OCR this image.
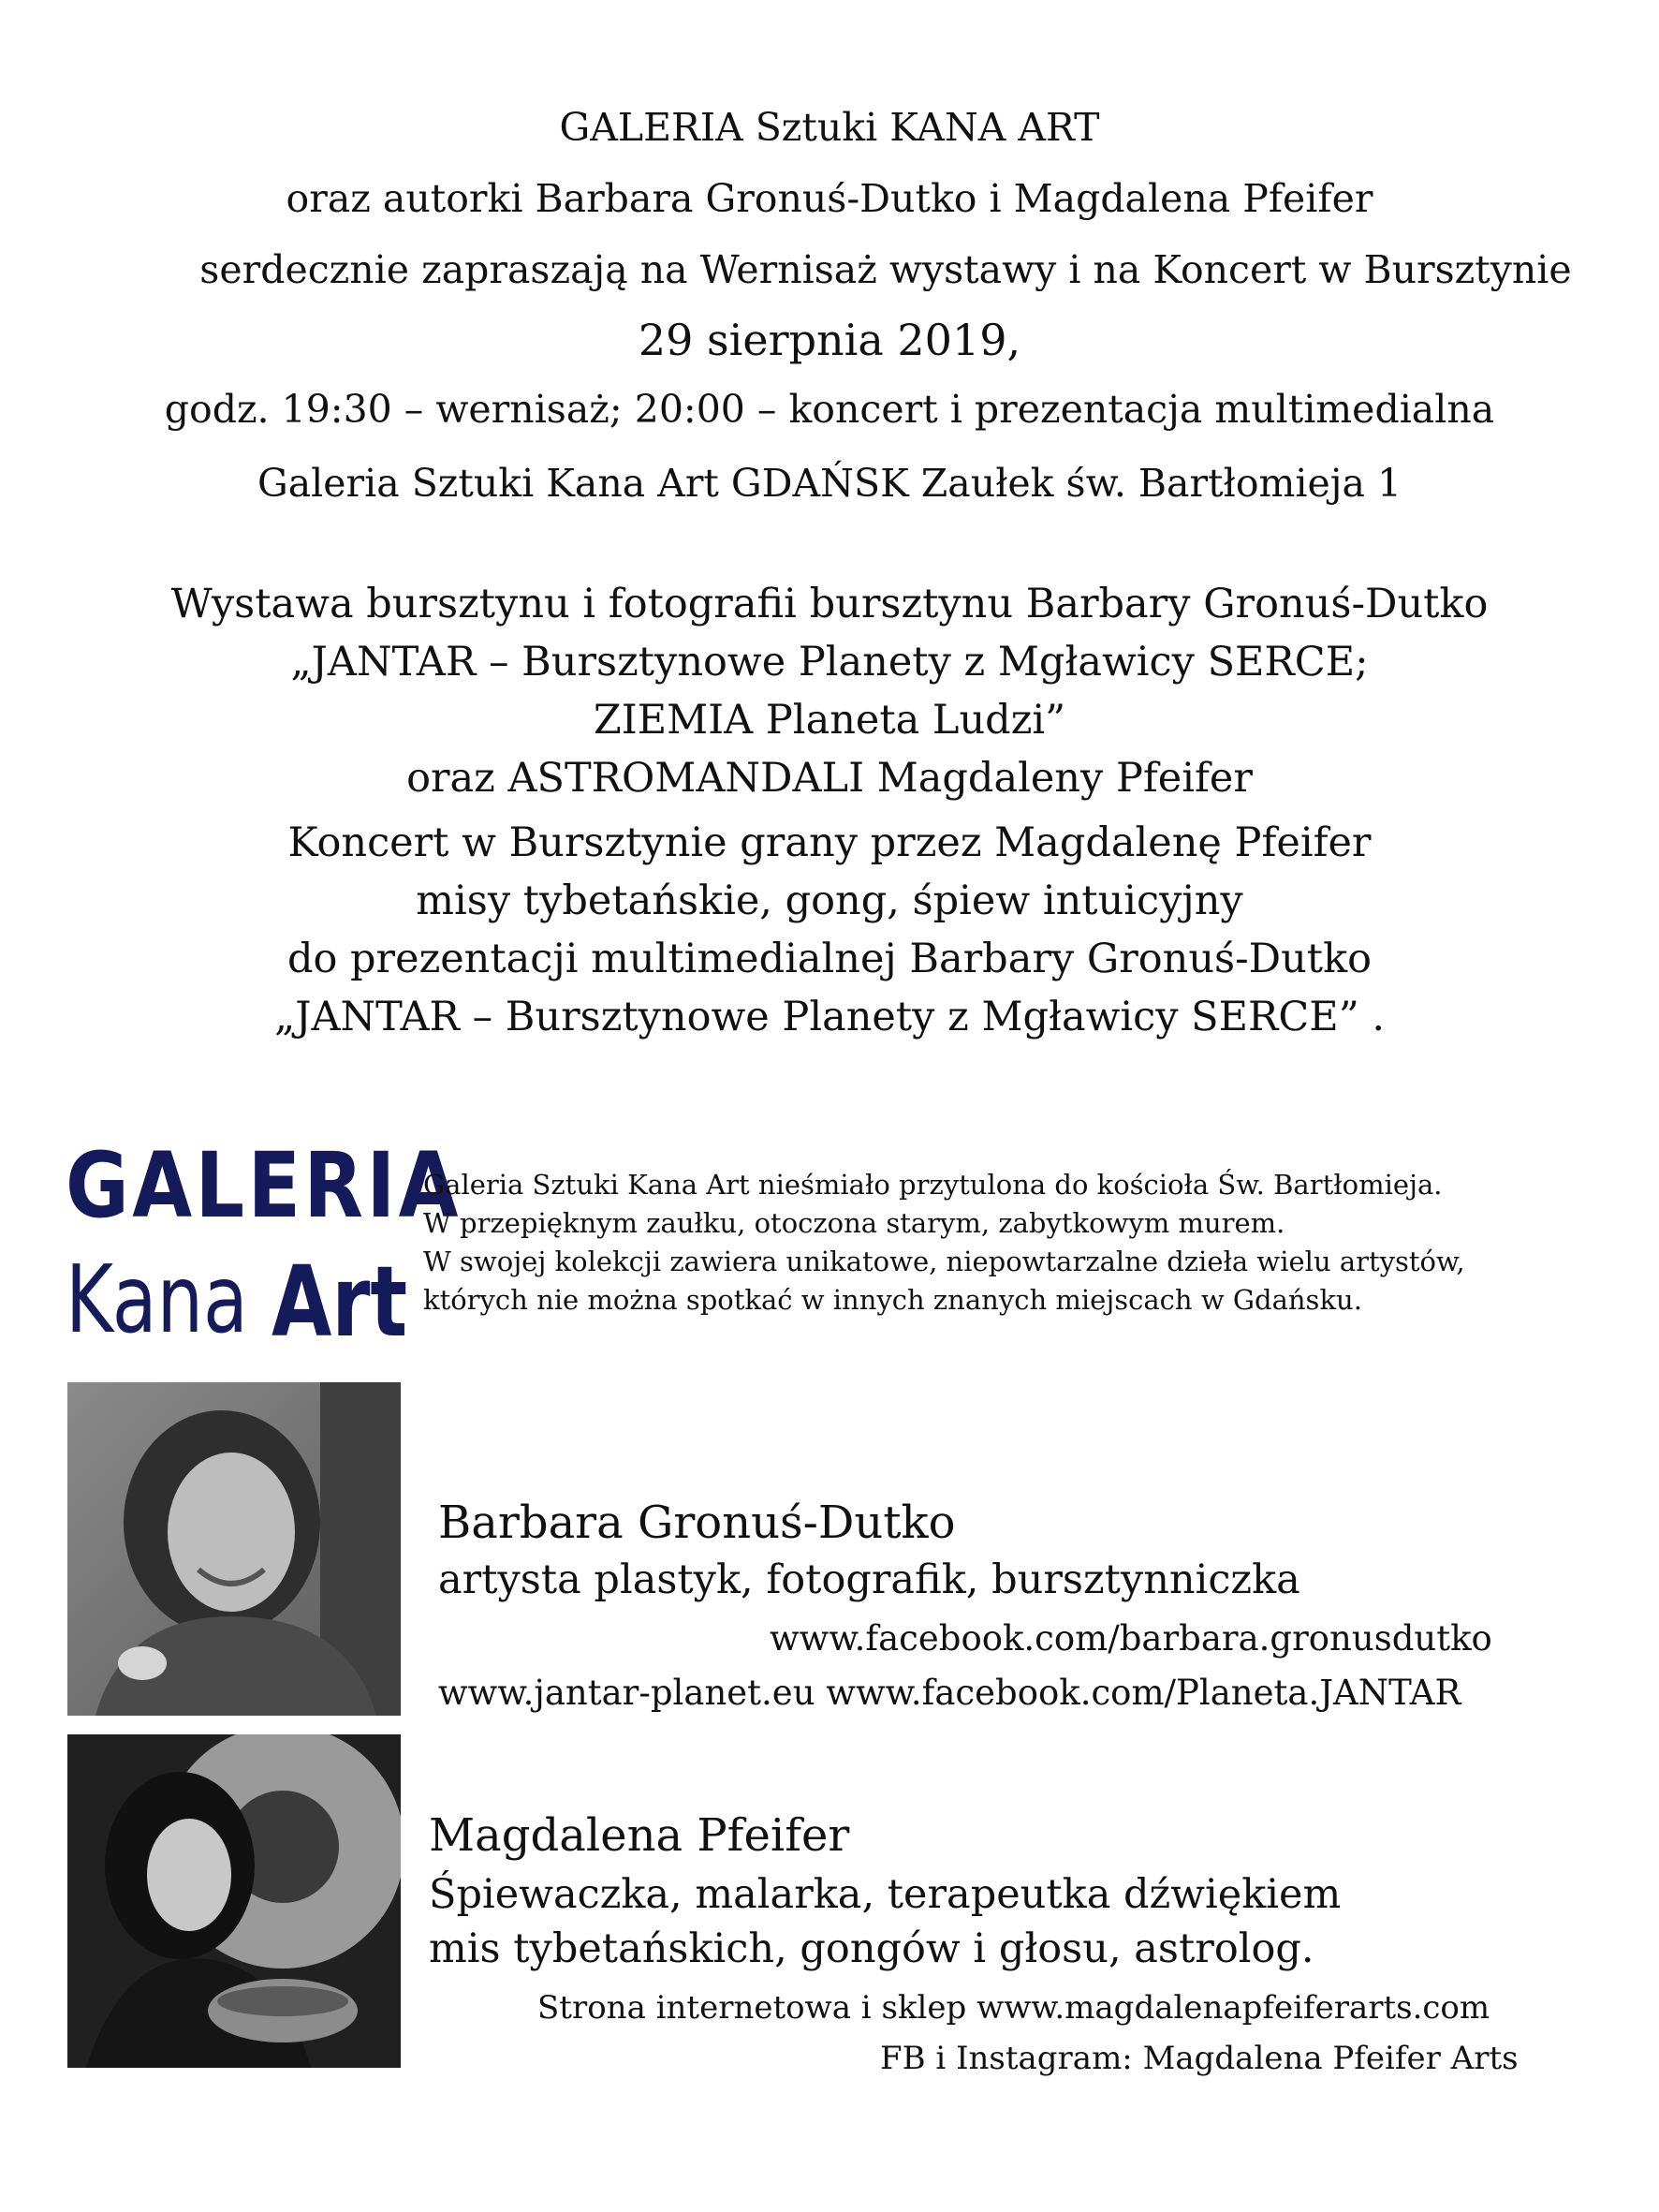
GALERIA Sztuki KANA ART
oraz autorki Barbara Gronuś-Dutko i Magdalena Pfeifer
serdecznie zapraszają na Wernisaż wystawy i na Koncert w Bursztynie
29 sierpnia 2019,
godz. 19:30 – wernisaż; 20:00 – koncert i prezentacja multimedialna
Galeria Sztuki Kana Art GDAŃSK Zaułek św. Bartłomieja 1
Wystawa bursztynu i fotografii bursztynu Barbary Gronuś-Dutko
„JANTAR – Bursztynowe Planety z Mgławicy SERCE;
ZIEMIA Planeta Ludzi”
oraz ASTROMANDALI Magdaleny Pfeifer
Koncert w Bursztynie grany przez Magdalenę Pfeifer
misy tybetańskie, gong, śpiew intuicyjny
do prezentacji multimedialnej Barbary Gronuś-Dutko
„JANTAR – Bursztynowe Planety z Mgławicy SERCE” .
GALERIA
Kana Art
Galeria Sztuki Kana Art nieśmiało przytulona do kościoła Św. Bartłomieja.
W przepięknym zaułku, otoczona starym, zabytkowym murem.
W swojej kolekcji zawiera unikatowe, niepowtarzalne dzieła wielu artystów,
których nie można spotkać w innych znanych miejscach w Gdańsku.
Barbara Gronuś-Dutko
artysta plastyk, fotografik, bursztynniczka
www.facebook.com/barbara.gronusdutko
www.jantar-planet.eu www.facebook.com/Planeta.JANTAR
Magdalena Pfeifer
Śpiewaczka, malarka, terapeutka dźwiękiem
mis tybetańskich, gongów i głosu, astrolog.
Strona internetowa i sklep www.magdalenapfeiferarts.com
FB i Instagram: Magdalena Pfeifer Arts
